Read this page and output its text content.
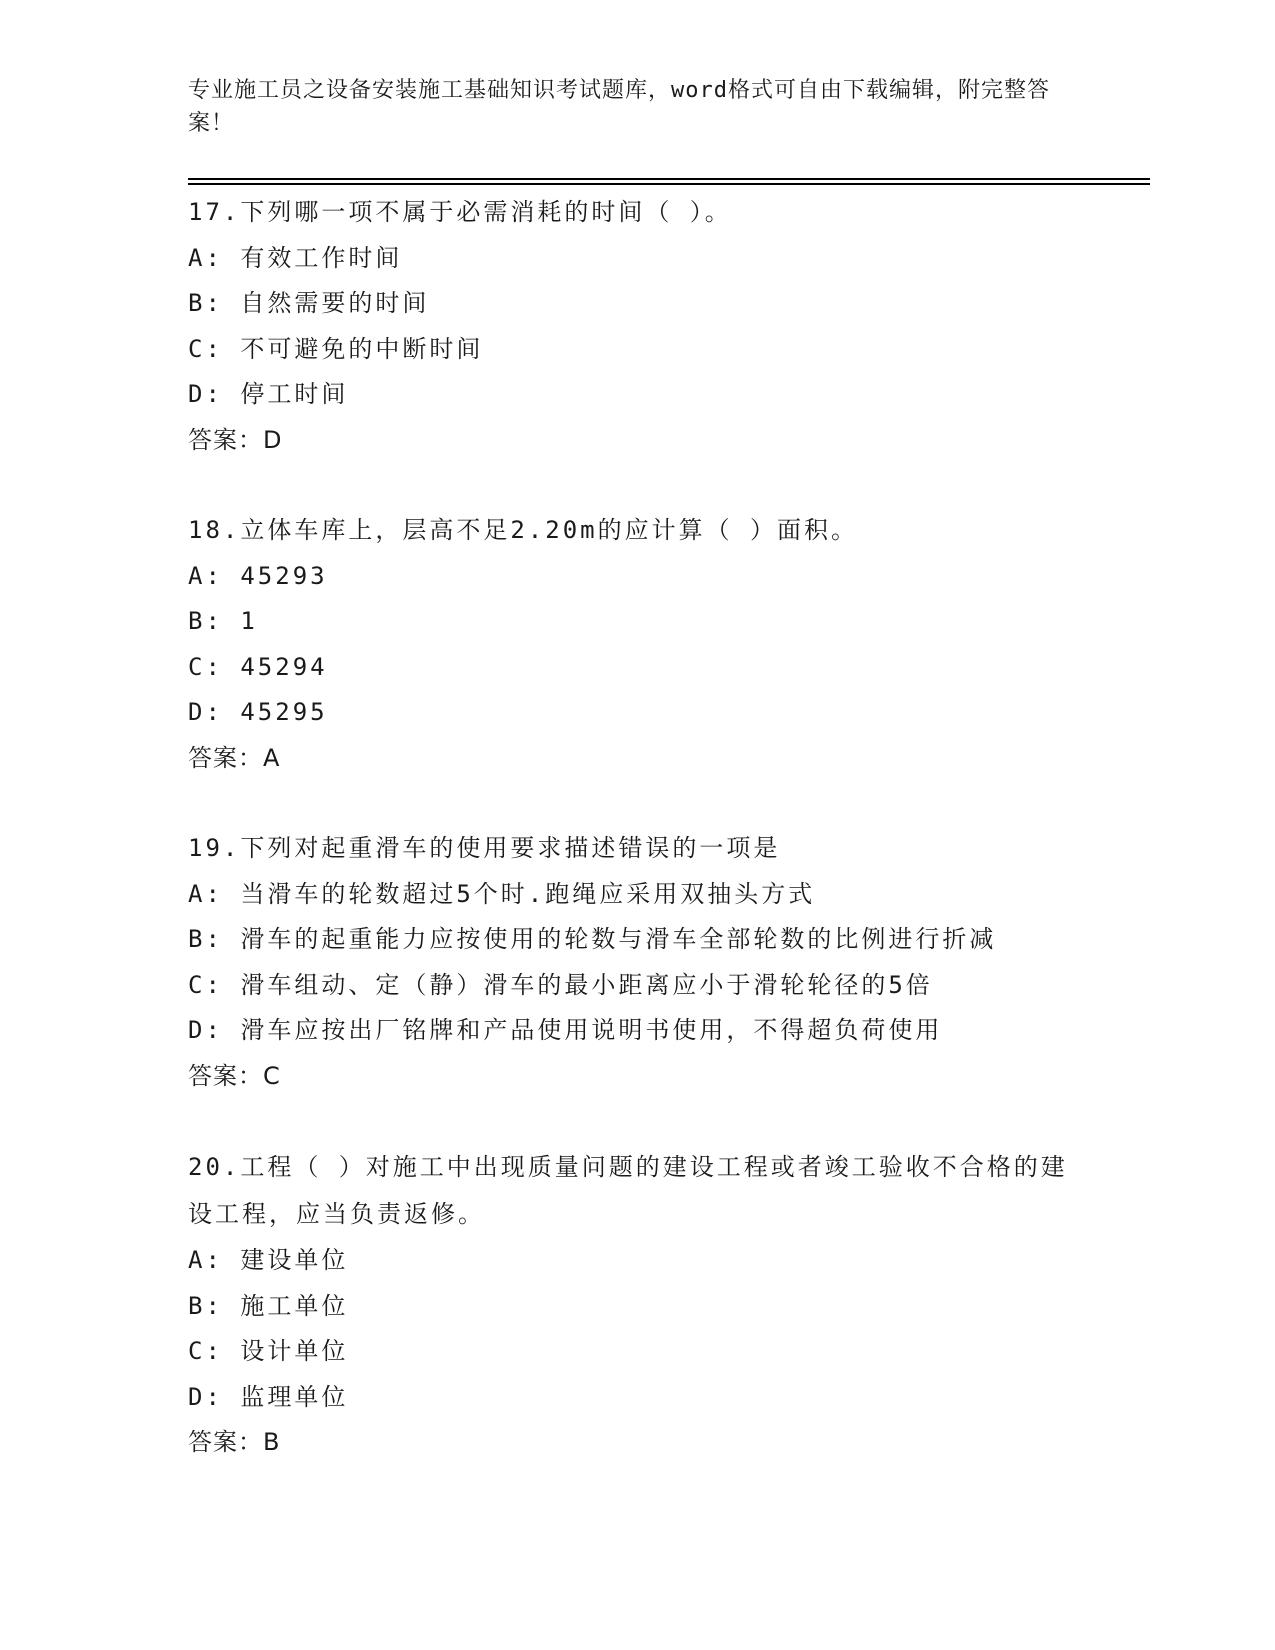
专业施工员之设备安装施工基础知识考试题库，word格式可自由下载编辑，附完整答案！
17.下列哪一项不属于必需消耗的时间（ ）。
A: 有效工作时间
B: 自然需要的时间
C: 不可避免的中断时间
D: 停工时间
答案：D
18.立体车库上，层高不足2.20m的应计算（ ）面积。
A: 45293
B: 1
C: 45294
D: 45295
答案：A
19.下列对起重滑车的使用要求描述错误的一项是
A: 当滑车的轮数超过5个时.跑绳应采用双抽头方式
B: 滑车的起重能力应按使用的轮数与滑车全部轮数的比例进行折减
C: 滑车组动、定（静）滑车的最小距离应小于滑轮轮径的5倍
D: 滑车应按出厂铭牌和产品使用说明书使用，不得超负荷使用
答案：C
20.工程（ ）对施工中出现质量问题的建设工程或者竣工验收不合格的建设工程，应当负责返修。
A: 建设单位
B: 施工单位
C: 设计单位
D: 监理单位
答案：B
